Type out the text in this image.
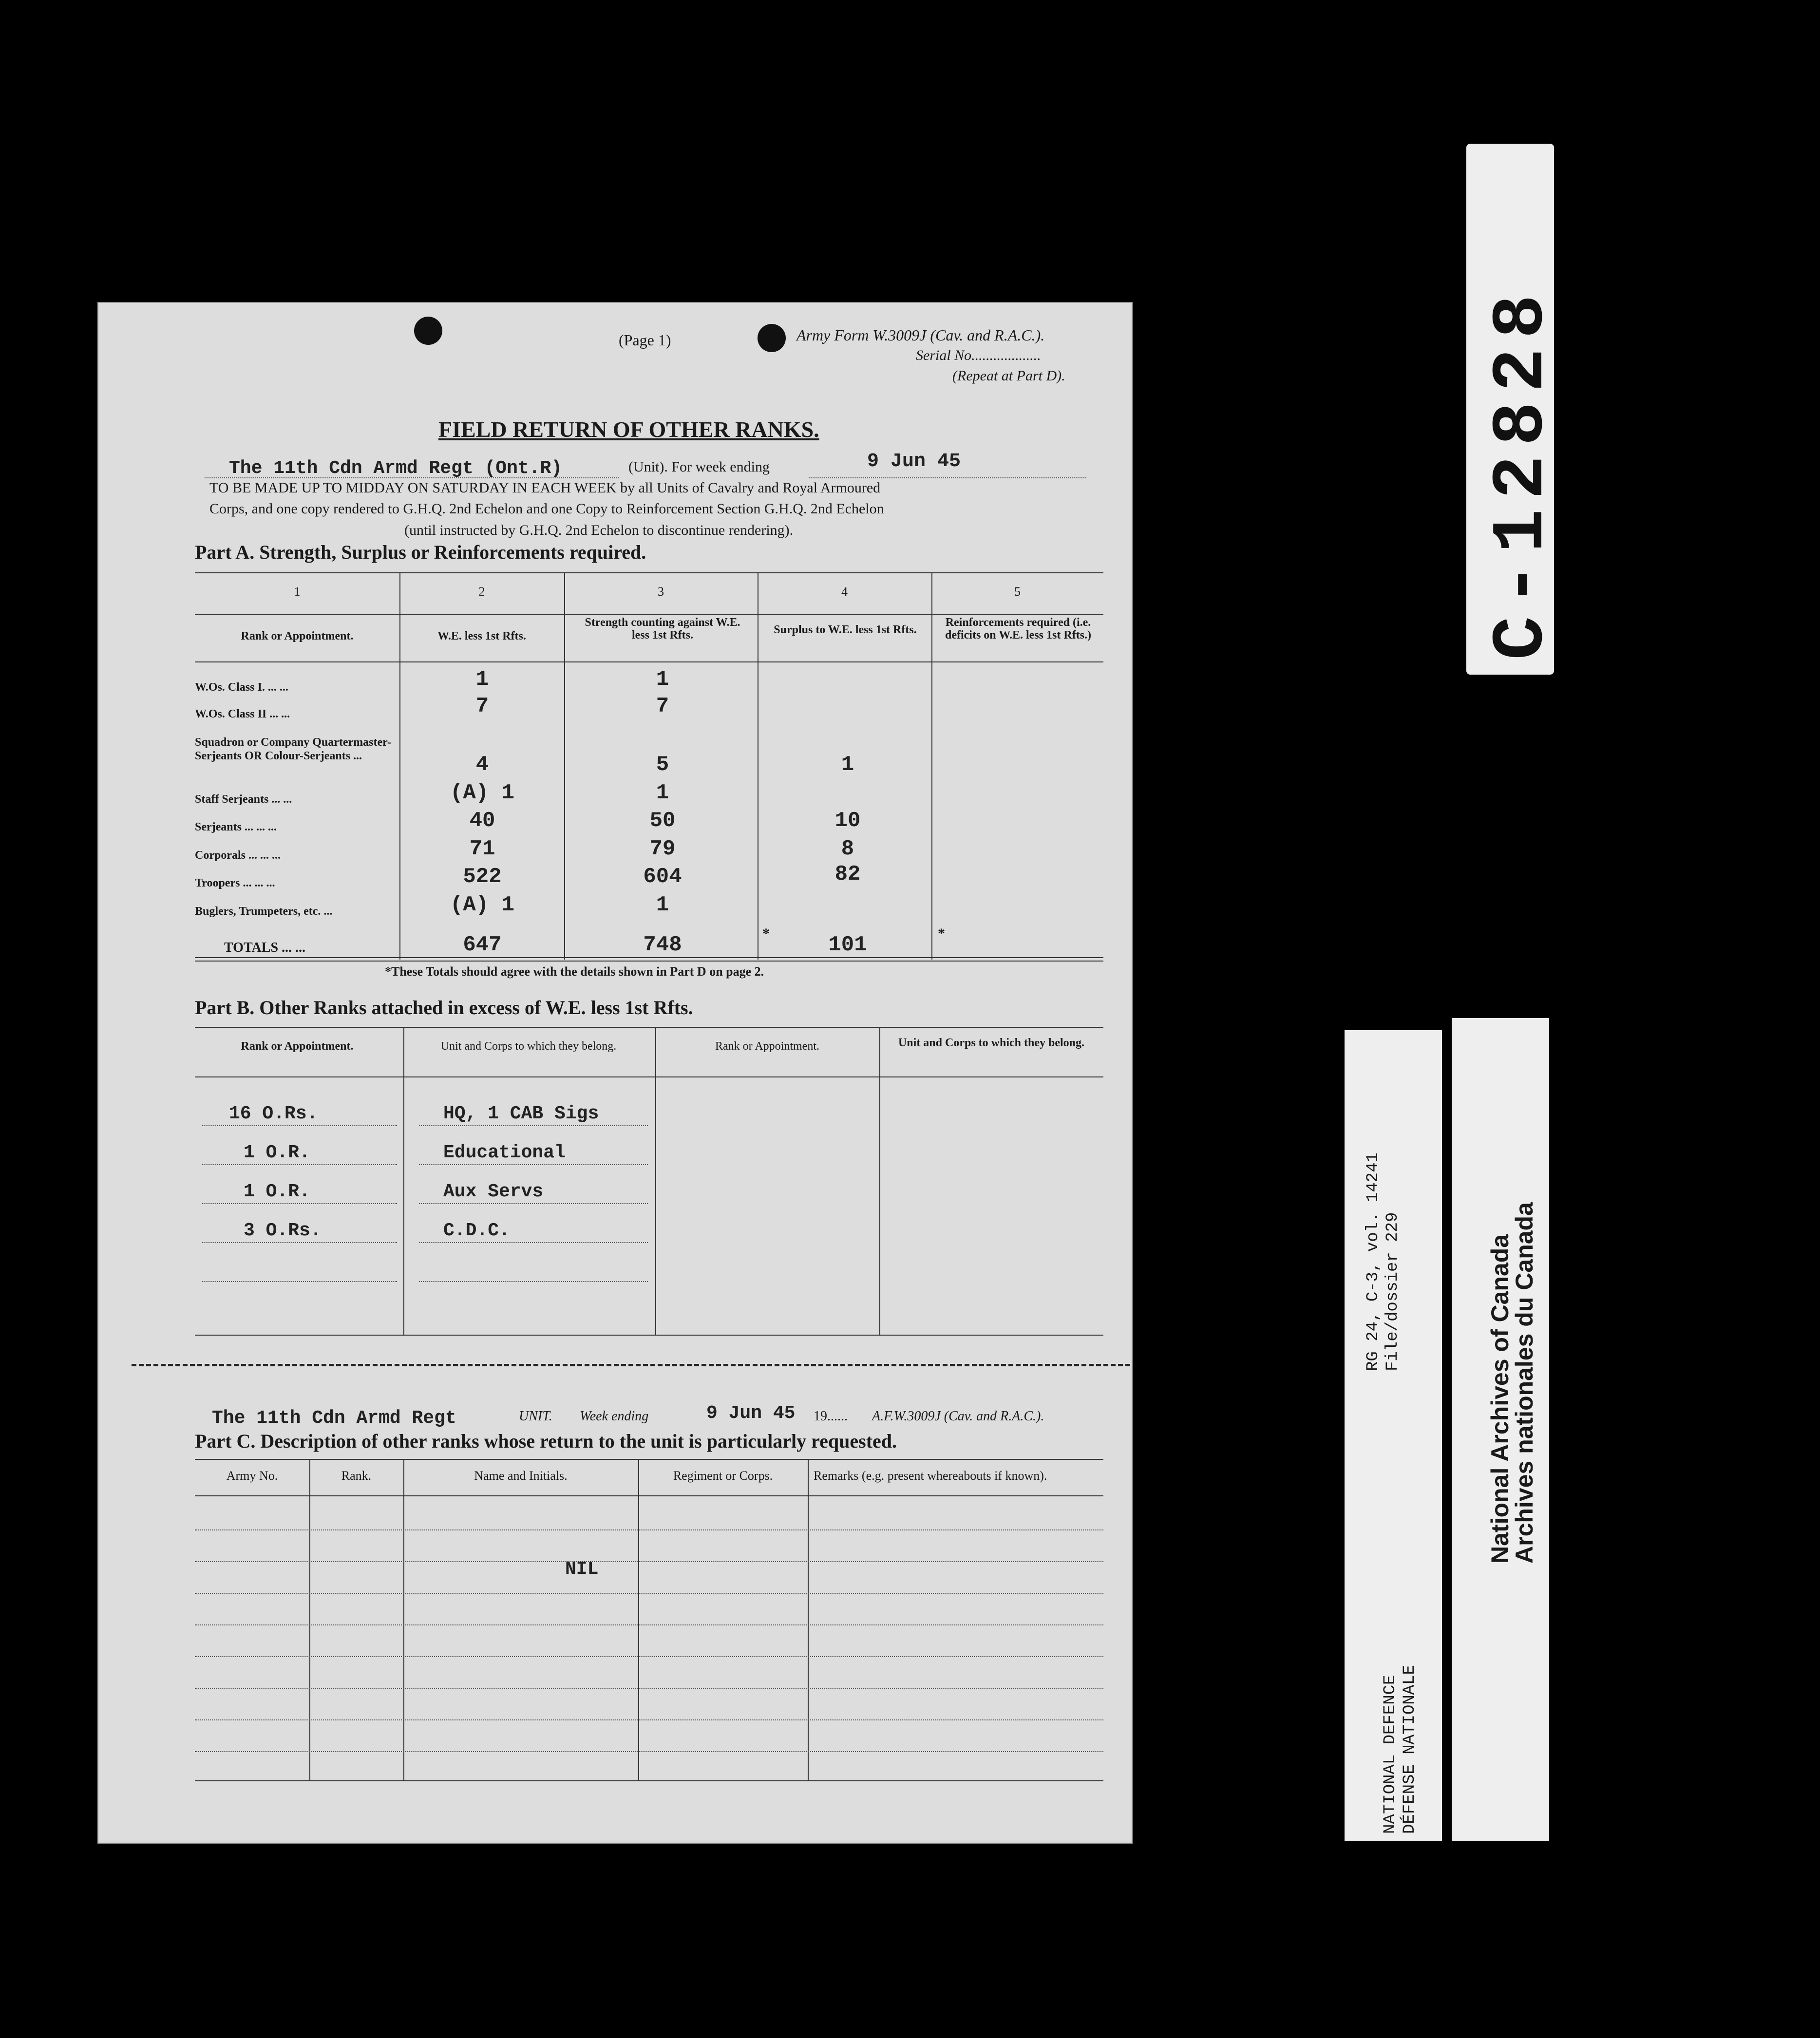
C-12828
RG 24, C-3, vol. 14241 File/dossier 229
NATIONAL DEFENCE DÉFENSE NATIONALE
National Archives of Canada
Archives nationales du Canada
(Page 1)	Army Form W.3009J (Cav. and R.A.C.).
Serial No...................
(Repeat at Part D).
FIELD RETURN OF OTHER RANKS.
The 11th Cdn Armd Regt (Ont.R)	(Unit). For week ending	9 Jun 45
TO BE MADE UP TO MIDDAY ON SATURDAY IN EACH WEEK by all Units of Cavalry and Royal Armoured
Corps, and one copy rendered to G.H.Q. 2nd Echelon and one Copy to Reinforcement Section G.H.Q. 2nd Echelon
(until instructed by G.H.Q. 2nd Echelon to discontinue rendering).
Part A. Strength, Surplus or Reinforcements required.
1	2	3	4	5
Rank or Appointment.	W.E. less 1st Rfts.
Strength counting against W.E. less 1st Rfts.	Surplus to W.E. less 1st Rfts.
Reinforcements required (i.e. deficits on W.E. less 1st Rfts.)
W.Os. Class I. ... ...	1	1
W.Os. Class II ... ...	7	7
Squadron or Company Quartermaster-Serjeants OR Colour-Serjeants ...	4	5	1
Staff Serjeants ... ...	(A) 1	1
Serjeants ... ... ...	40	50	10
Corporals ... ... ...	71	79	8
Troopers ... ... ...	522	604	82
Buglers, Trumpeters, etc. ...	(A) 1	1
TOTALS ... ...	647	748	*	101	*
*These Totals should agree with the details shown in Part D on page 2.
Part B. Other Ranks attached in excess of W.E. less 1st Rfts.
Rank or Appointment.	Unit and Corps to which they belong.	Rank or Appointment.	Unit and Corps to which they belong.
16 O.Rs.	HQ, 1 CAB Sigs
1 O.R.	Educational
1 O.R.	Aux Servs
3 O.Rs.	C.D.C.
The 11th Cdn Armd Regt	UNIT. Week ending	9 Jun 45 19...... A.F.W.3009J (Cav. and R.A.C.).
Part C. Description of other ranks whose return to the unit is particularly requested.
Army No.	Rank.	Name and Initials.	Regiment or Corps.	Remarks (e.g. present whereabouts if known).
NIL
